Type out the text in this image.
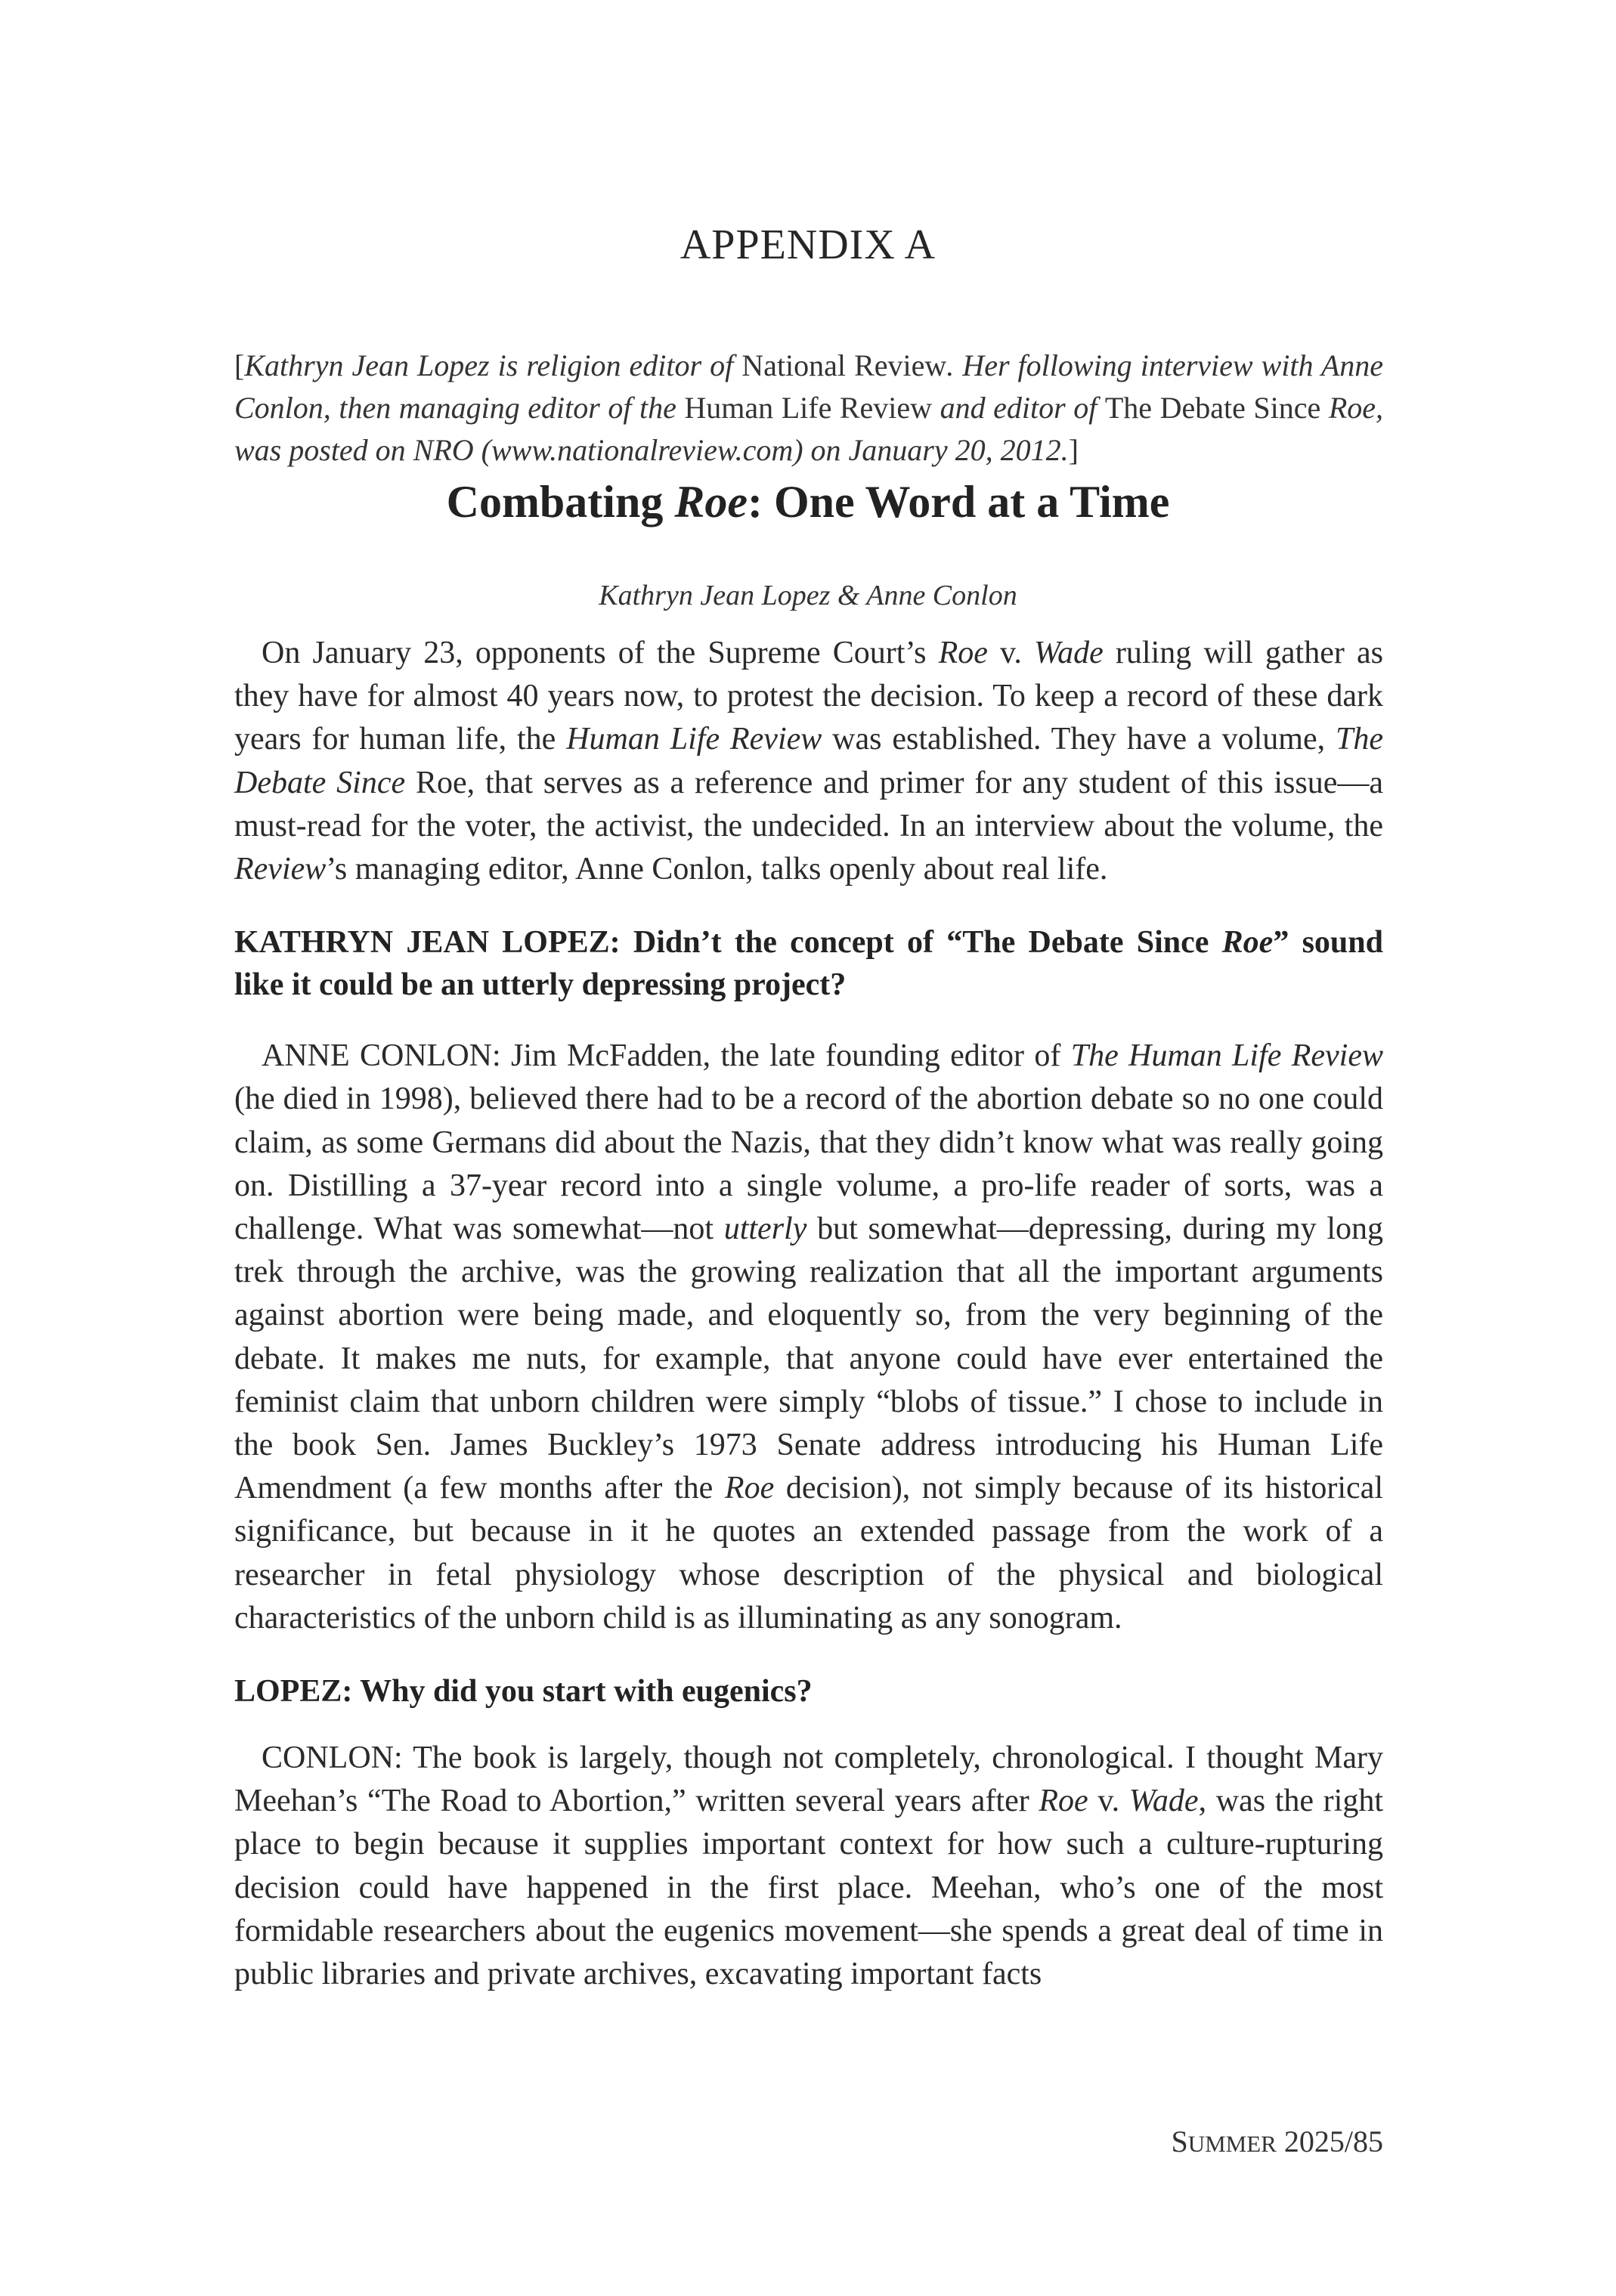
APPENDIX A
[Kathryn Jean Lopez is religion editor of National Review. Her following interview with Anne Conlon, then managing editor of the Human Life Review and editor of The Debate Since Roe, was posted on NRO (www.nationalreview.com) on January 20, 2012.]
Combating Roe: One Word at a Time
Kathryn Jean Lopez & Anne Conlon

On January 23, opponents of the Supreme Court’s Roe v. Wade ruling will gather as they have for almost 40 years now, to protest the decision. To keep a record of these dark years for human life, the Human Life Review was established. They have a volume, The Debate Since Roe, that serves as a reference and primer for any student of this issue—a must-read for the voter, the activist, the undecided. In an interview about the volume, the Review’s managing editor, Anne Conlon, talks openly about real life.

KATHRYN JEAN LOPEZ: Didn’t the concept of “The Debate Since Roe” sound like it could be an utterly depressing project?

ANNE CONLON: Jim McFadden, the late founding editor of The Human Life Review (he died in 1998), believed there had to be a record of the abortion debate so no one could claim, as some Germans did about the Nazis, that they didn’t know what was really going on. Distilling a 37-year record into a single volume, a pro-life reader of sorts, was a challenge. What was somewhat—not utterly but somewhat—depressing, during my long trek through the archive, was the growing realization that all the important arguments against abortion were being made, and eloquently so, from the very beginning of the debate. It makes me nuts, for example, that anyone could have ever entertained the feminist claim that unborn children were simply “blobs of tissue.” I chose to include in the book Sen. James Buckley’s 1973 Senate address introducing his Human Life Amendment (a few months after the Roe decision), not simply because of its historical significance, but because in it he quotes an extended passage from the work of a researcher in fetal physiology whose description of the physical and biological characteristics of the unborn child is as illuminating as any sonogram.

LOPEZ: Why did you start with eugenics?

CONLON: The book is largely, though not completely, chronological. I thought Mary Meehan’s “The Road to Abortion,” written several years after Roe v. Wade, was the right place to begin because it supplies important context for how such a culture-rupturing decision could have happened in the first place. Meehan, who’s one of the most formidable researchers about the eugenics movement—she spends a great deal of time in public libraries and private archives, excavating important facts

SUMMER 2025/85
